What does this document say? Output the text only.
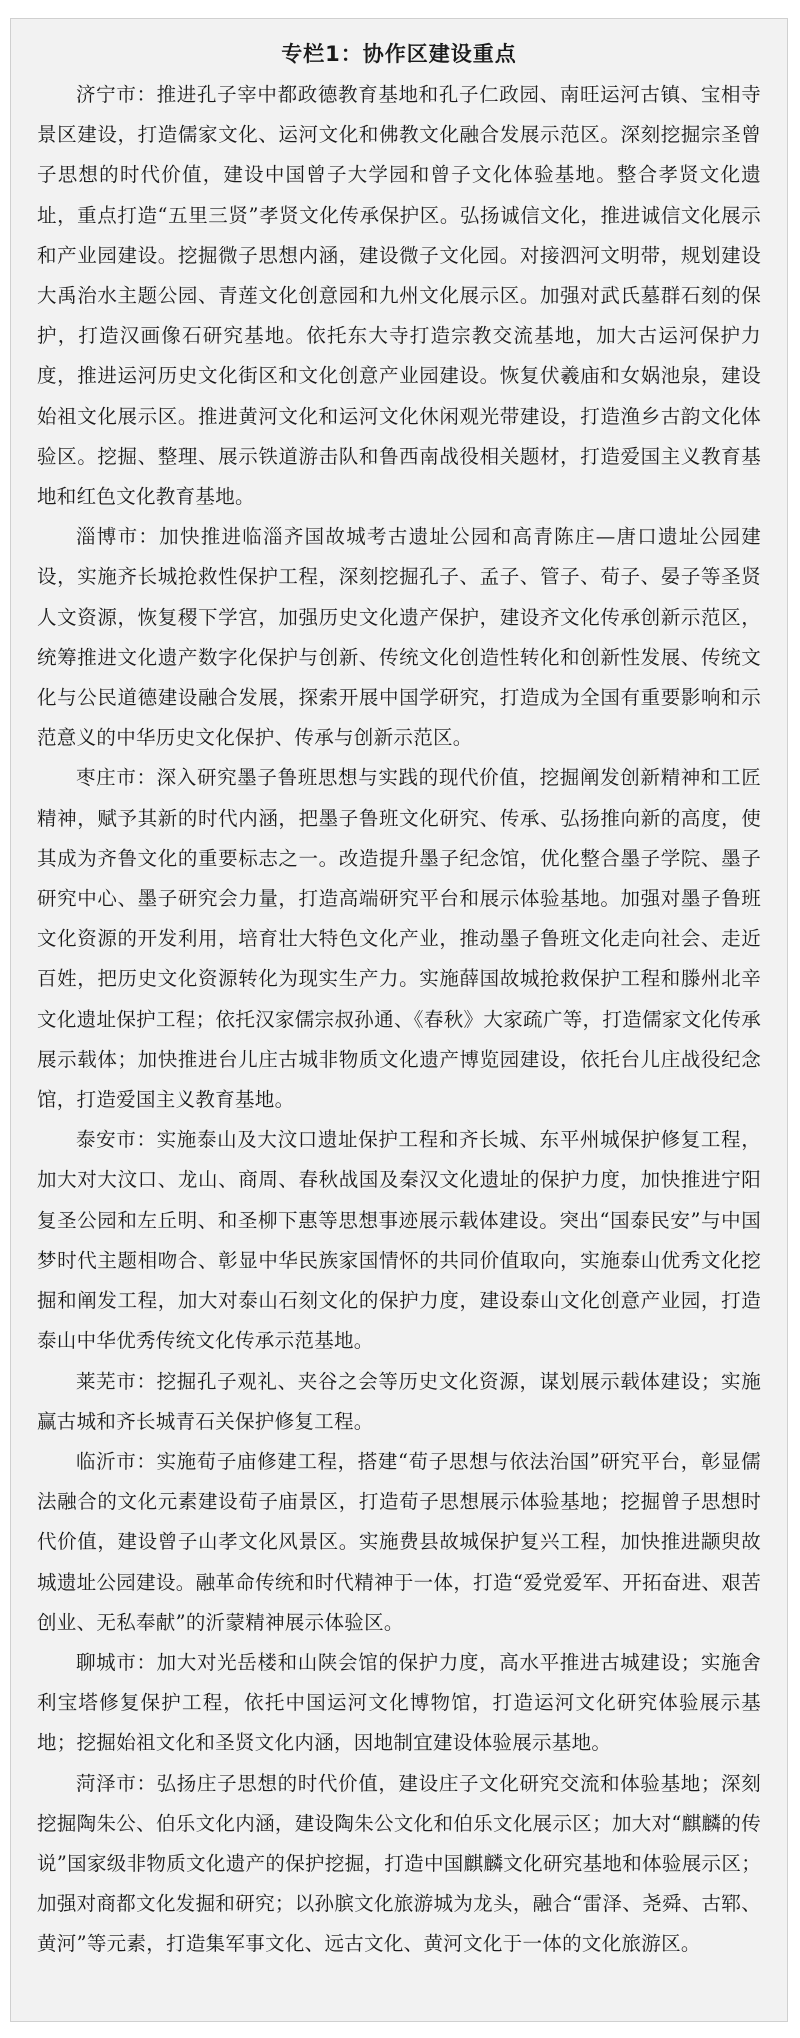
专栏1：协作区建设重点

济宁市：推进孔子宰中都政德教育基地和孔子仁政园、南旺运河古镇、宝相寺景区建设，打造儒家文化、运河文化和佛教文化融合发展示范区。深刻挖掘宗圣曾子思想的时代价值，建设中国曾子大学园和曾子文化体验基地。整合孝贤文化遗址，重点打造“五里三贤”孝贤文化传承保护区。弘扬诚信文化，推进诚信文化展示和产业园建设。挖掘微子思想内涵，建设微子文化园。对接泗河文明带，规划建设大禹治水主题公园、青莲文化创意园和九州文化展示区。加强对武氏墓群石刻的保护，打造汉画像石研究基地。依托东大寺打造宗教交流基地，加大古运河保护力度，推进运河历史文化街区和文化创意产业园建设。恢复伏羲庙和女娲池泉，建设始祖文化展示区。推进黄河文化和运河文化休闲观光带建设，打造渔乡古韵文化体验区。挖掘、整理、展示铁道游击队和鲁西南战役相关题材，打造爱国主义教育基地和红色文化教育基地。

淄博市：加快推进临淄齐国故城考古遗址公园和高青陈庄—唐口遗址公园建设，实施齐长城抢救性保护工程，深刻挖掘孔子、孟子、管子、荀子、晏子等圣贤人文资源，恢复稷下学宫，加强历史文化遗产保护，建设齐文化传承创新示范区，统筹推进文化遗产数字化保护与创新、传统文化创造性转化和创新性发展、传统文化与公民道德建设融合发展，探索开展中国学研究，打造成为全国有重要影响和示范意义的中华历史文化保护、传承与创新示范区。

枣庄市：深入研究墨子鲁班思想与实践的现代价值，挖掘阐发创新精神和工匠精神，赋予其新的时代内涵，把墨子鲁班文化研究、传承、弘扬推向新的高度，使其成为齐鲁文化的重要标志之一。改造提升墨子纪念馆，优化整合墨子学院、墨子研究中心、墨子研究会力量，打造高端研究平台和展示体验基地。加强对墨子鲁班文化资源的开发利用，培育壮大特色文化产业，推动墨子鲁班文化走向社会、走近百姓，把历史文化资源转化为现实生产力。实施薛国故城抢救保护工程和滕州北辛文化遗址保护工程；依托汉家儒宗叔孙通、《春秋》大家疏广等，打造儒家文化传承展示载体；加快推进台儿庄古城非物质文化遗产博览园建设，依托台儿庄战役纪念馆，打造爱国主义教育基地。

泰安市：实施泰山及大汶口遗址保护工程和齐长城、东平州城保护修复工程，加大对大汶口、龙山、商周、春秋战国及秦汉文化遗址的保护力度，加快推进宁阳复圣公园和左丘明、和圣柳下惠等思想事迹展示载体建设。突出“国泰民安”与中国梦时代主题相吻合、彰显中华民族家国情怀的共同价值取向，实施泰山优秀文化挖掘和阐发工程，加大对泰山石刻文化的保护力度，建设泰山文化创意产业园，打造泰山中华优秀传统文化传承示范基地。

莱芜市：挖掘孔子观礼、夹谷之会等历史文化资源，谋划展示载体建设；实施赢古城和齐长城青石关保护修复工程。

临沂市：实施荀子庙修建工程，搭建“荀子思想与依法治国”研究平台，彰显儒法融合的文化元素建设荀子庙景区，打造荀子思想展示体验基地；挖掘曾子思想时代价值，建设曾子山孝文化风景区。实施费县故城保护复兴工程，加快推进颛臾故城遗址公园建设。融革命传统和时代精神于一体，打造“爱党爱军、开拓奋进、艰苦创业、无私奉献”的沂蒙精神展示体验区。

聊城市：加大对光岳楼和山陕会馆的保护力度，高水平推进古城建设；实施舍利宝塔修复保护工程，依托中国运河文化博物馆，打造运河文化研究体验展示基地；挖掘始祖文化和圣贤文化内涵，因地制宜建设体验展示基地。

菏泽市：弘扬庄子思想的时代价值，建设庄子文化研究交流和体验基地；深刻挖掘陶朱公、伯乐文化内涵，建设陶朱公文化和伯乐文化展示区；加大对“麒麟的传说”国家级非物质文化遗产的保护挖掘，打造中国麒麟文化研究基地和体验展示区；加强对商都文化发掘和研究；以孙膑文化旅游城为龙头，融合“雷泽、尧舜、古郓、黄河”等元素，打造集军事文化、远古文化、黄河文化于一体的文化旅游区。
